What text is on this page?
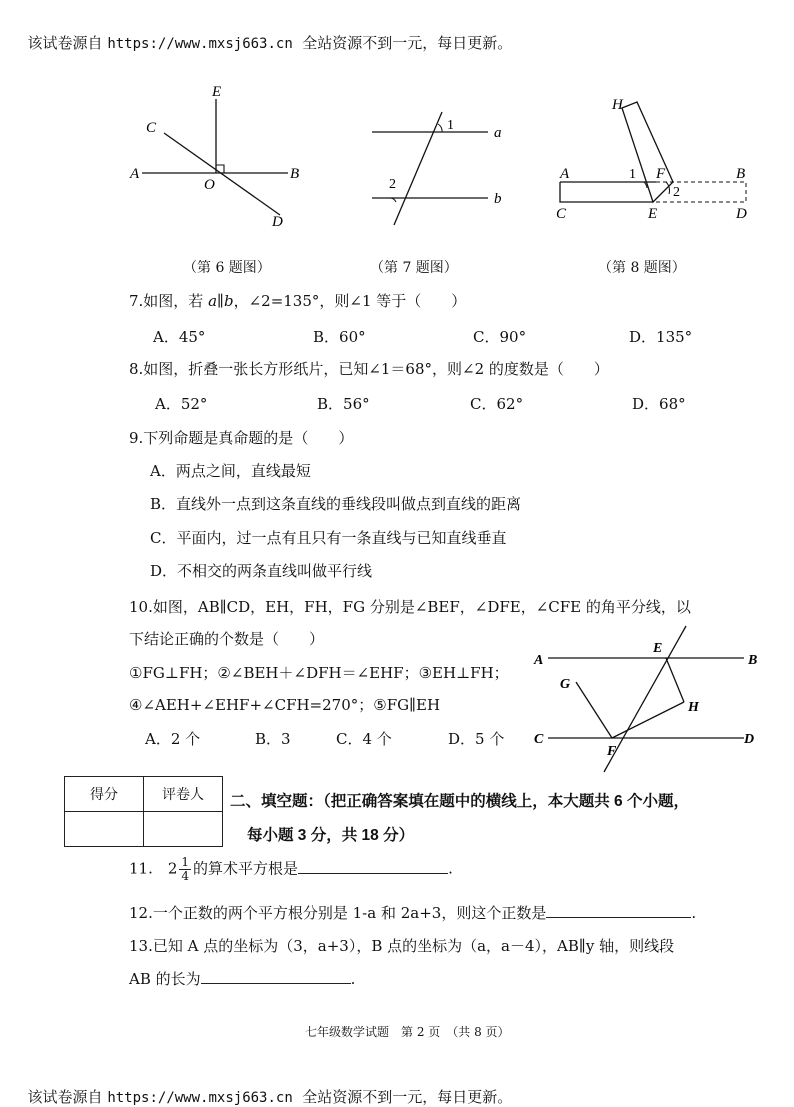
该试卷源自 https://www.mxsj663.cn  全站资源不到一元，每日更新。

E
C
A
O
B
D
（第 6 题图）
1	a
2
b
（第 7 题图）
H
A	1 F	B
2
C	E	D
（第 8 题图）
7.如图，若 a∥b，∠2=135°，则∠1 等于（　　）
A．45°	B．60°	C．90°	D．135°
8.如图，折叠一张长方形纸片，已知∠1＝68°，则∠2 的度数是（　　）
A．52°	B．56°	C．62°	D．68°
9.下列命题是真命题的是（　　）
A．两点之间，直线最短
B．直线外一点到这条直线的垂线段叫做点到直线的距离
C．平面内，过一点有且只有一条直线与已知直线垂直
D．不相交的两条直线叫做平行线
10.如图，AB∥CD，EH，FH，FG 分别是∠BEF，∠DFE，∠CFE 的角平分线，以
下结论正确的个数是（　　）
①FG⊥FH；②∠BEH＋∠DFH＝∠EHF；③EH⊥FH；
④∠AEH+∠EHF+∠CFH=270°；⑤FG∥EH
A．2 个	B．3	C．4 个	D．5 个
A
E
B
G
H
C
F
D
得分	评卷人
	二、填空题：（把正确答案填在题中的横线上，本大题共 6 个小题，
每小题 3 分，共 18 分）
11.　$2 \frac{1}{4}$ 的算术平方根是	.
12.一个正数的两个平方根分别是 1-a 和 2a+3，则这个正数是	.
13.已知 A 点的坐标为（3，a+3），B 点的坐标为（a，a－4），AB∥y 轴，则线段
AB 的长为	.
七年级数学试题　第 2 页　（共 8 页）

该试卷源自 https://www.mxsj663.cn  全站资源不到一元，每日更新。
